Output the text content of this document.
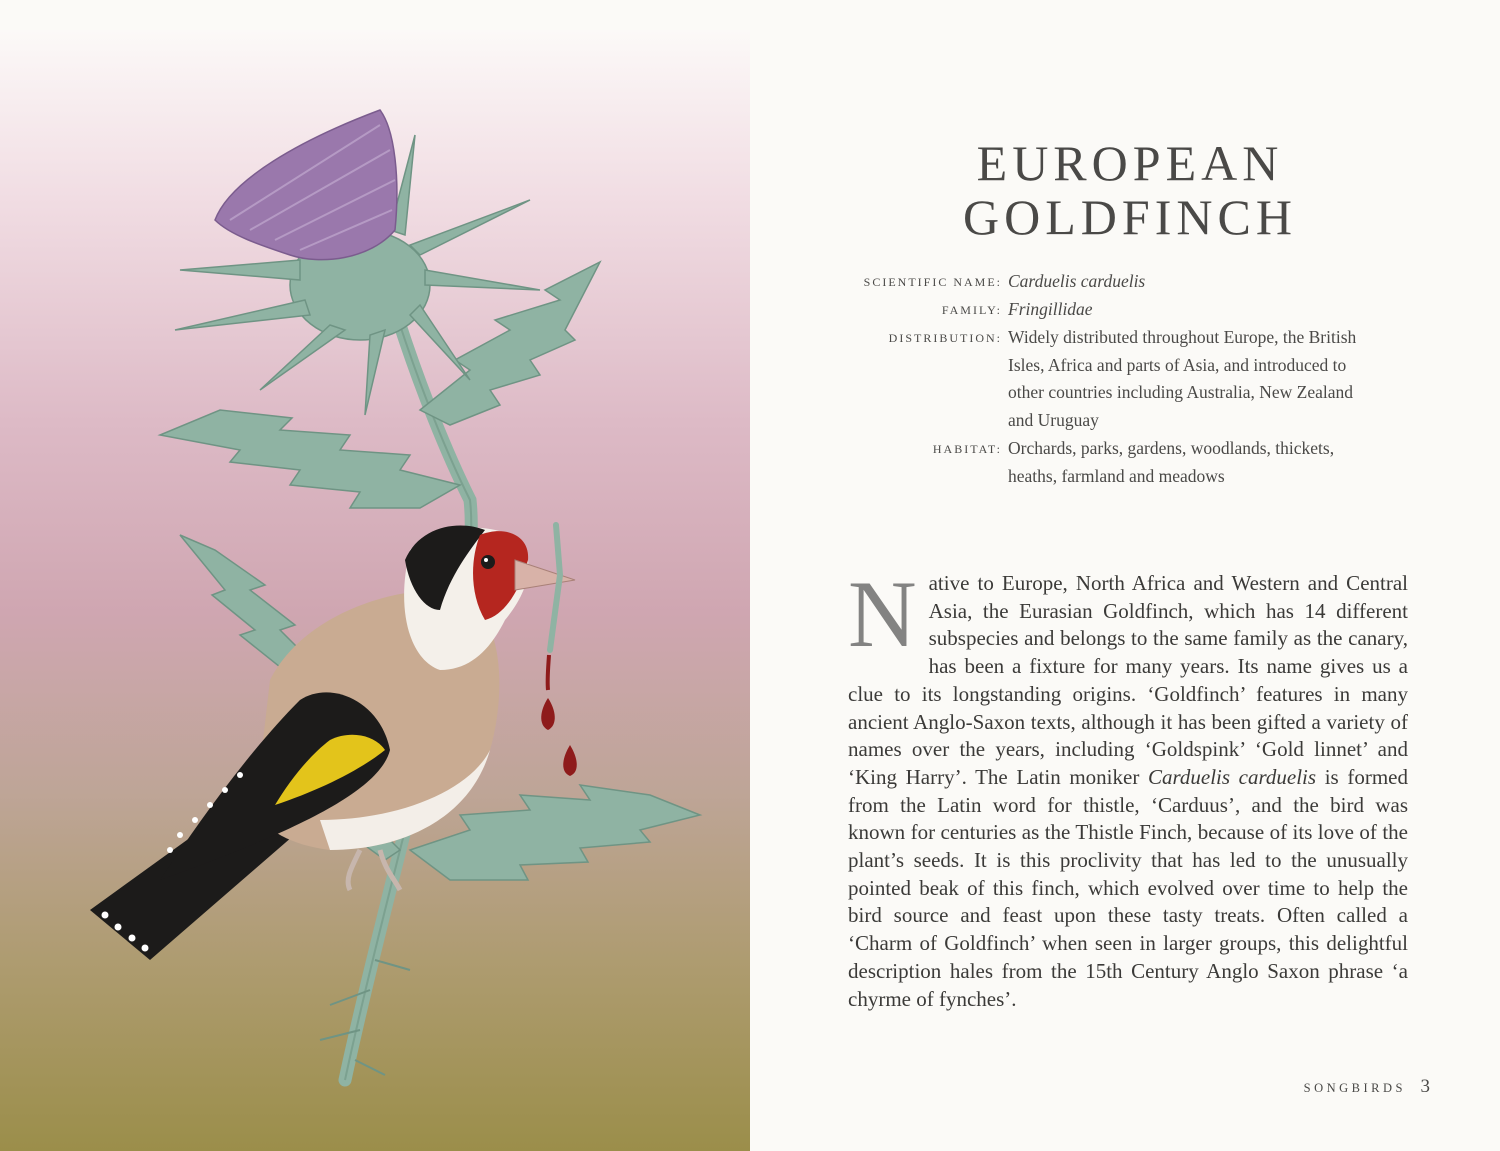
EUROPEAN
GOLDFINCH
SCIENTIFIC NAME: Carduelis carduelis
FAMILY: Fringillidae
DISTRIBUTION: Widely distributed throughout Europe, the British
Isles, Africa and parts of Asia, and introduced to
other countries including Australia, New Zealand
and Uruguay
HABITAT: Orchards, parks, gardens, woodlands, thickets,
heaths, farmland and meadows
Native to Europe, North Africa and Western and Central Asia, the Eurasian Goldfinch, which has 14 different subspecies and belongs to the same family as the canary, has been a fixture for many years. Its name gives us a clue to its longstanding origins. ‘Goldfinch’ features in many ancient Anglo-Saxon texts, although it has been gifted a variety of names over the years, including ‘Goldspink’ ‘Gold linnet’ and ‘King Harry’. The Latin moniker Carduelis carduelis is formed from the Latin word for thistle, ‘Carduus’, and the bird was known for centuries as the Thistle Finch, because of its love of the plant’s seeds. It is this proclivity that has led to the unusually pointed beak of this finch, which evolved over time to help the bird source and feast upon these tasty treats. Often called a ‘Charm of Goldfinch’ when seen in larger groups, this delightful description hales from the 15th Century Anglo Saxon phrase ‘a chyrme of fynches’.
SONGBIRDS 3
